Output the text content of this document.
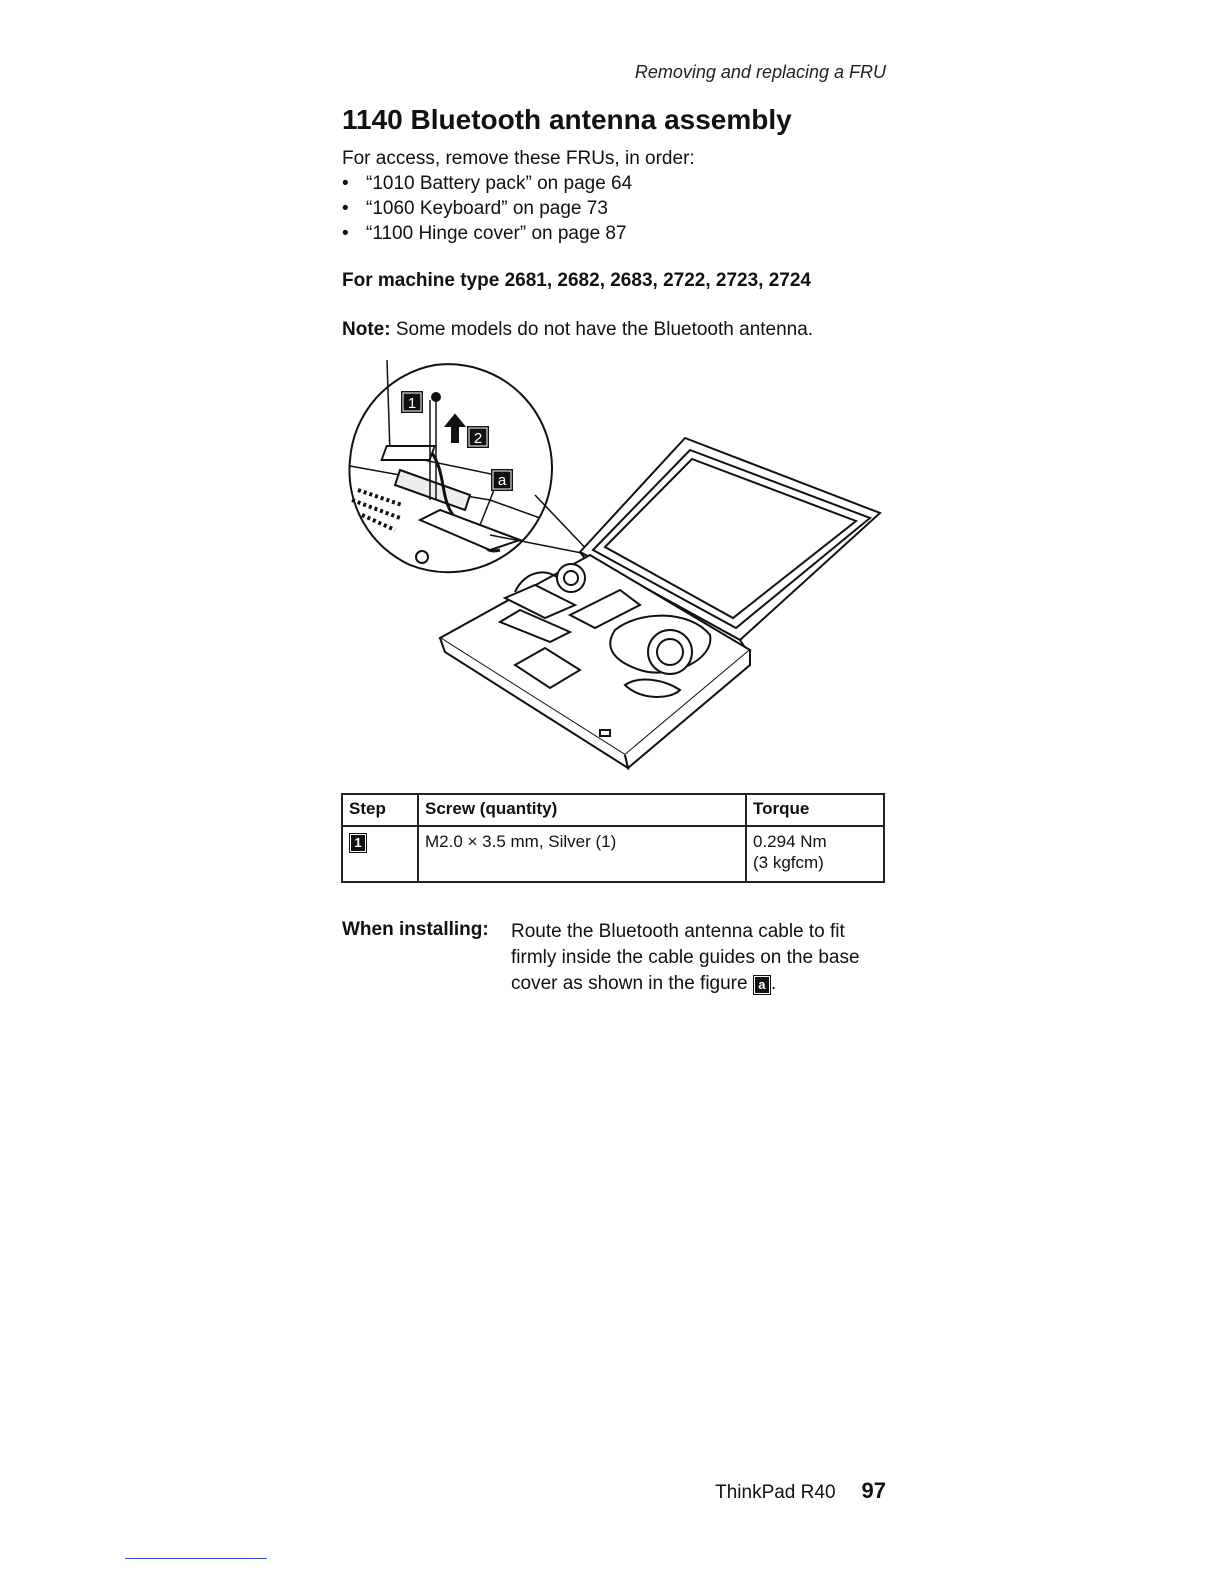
Removing and replacing a FRU
1140 Bluetooth antenna assembly
For access, remove these FRUs, in order:
• “1010 Battery pack” on page 64
• “1060 Keyboard” on page 73
• “1100 Hinge cover” on page 87
For machine type 2681, 2682, 2683, 2722, 2723, 2724
Note: Some models do not have the Bluetooth antenna.
1
2
a
Step	Screw (quantity)	Torque
1	M2.0 × 3.5 mm, Silver (1)	0.294 Nm
(3 kgfcm)
When installing: Route the Bluetooth antenna cable to fit firmly inside the cable guides on the base cover as shown in the figure a .
ThinkPad R40 97
